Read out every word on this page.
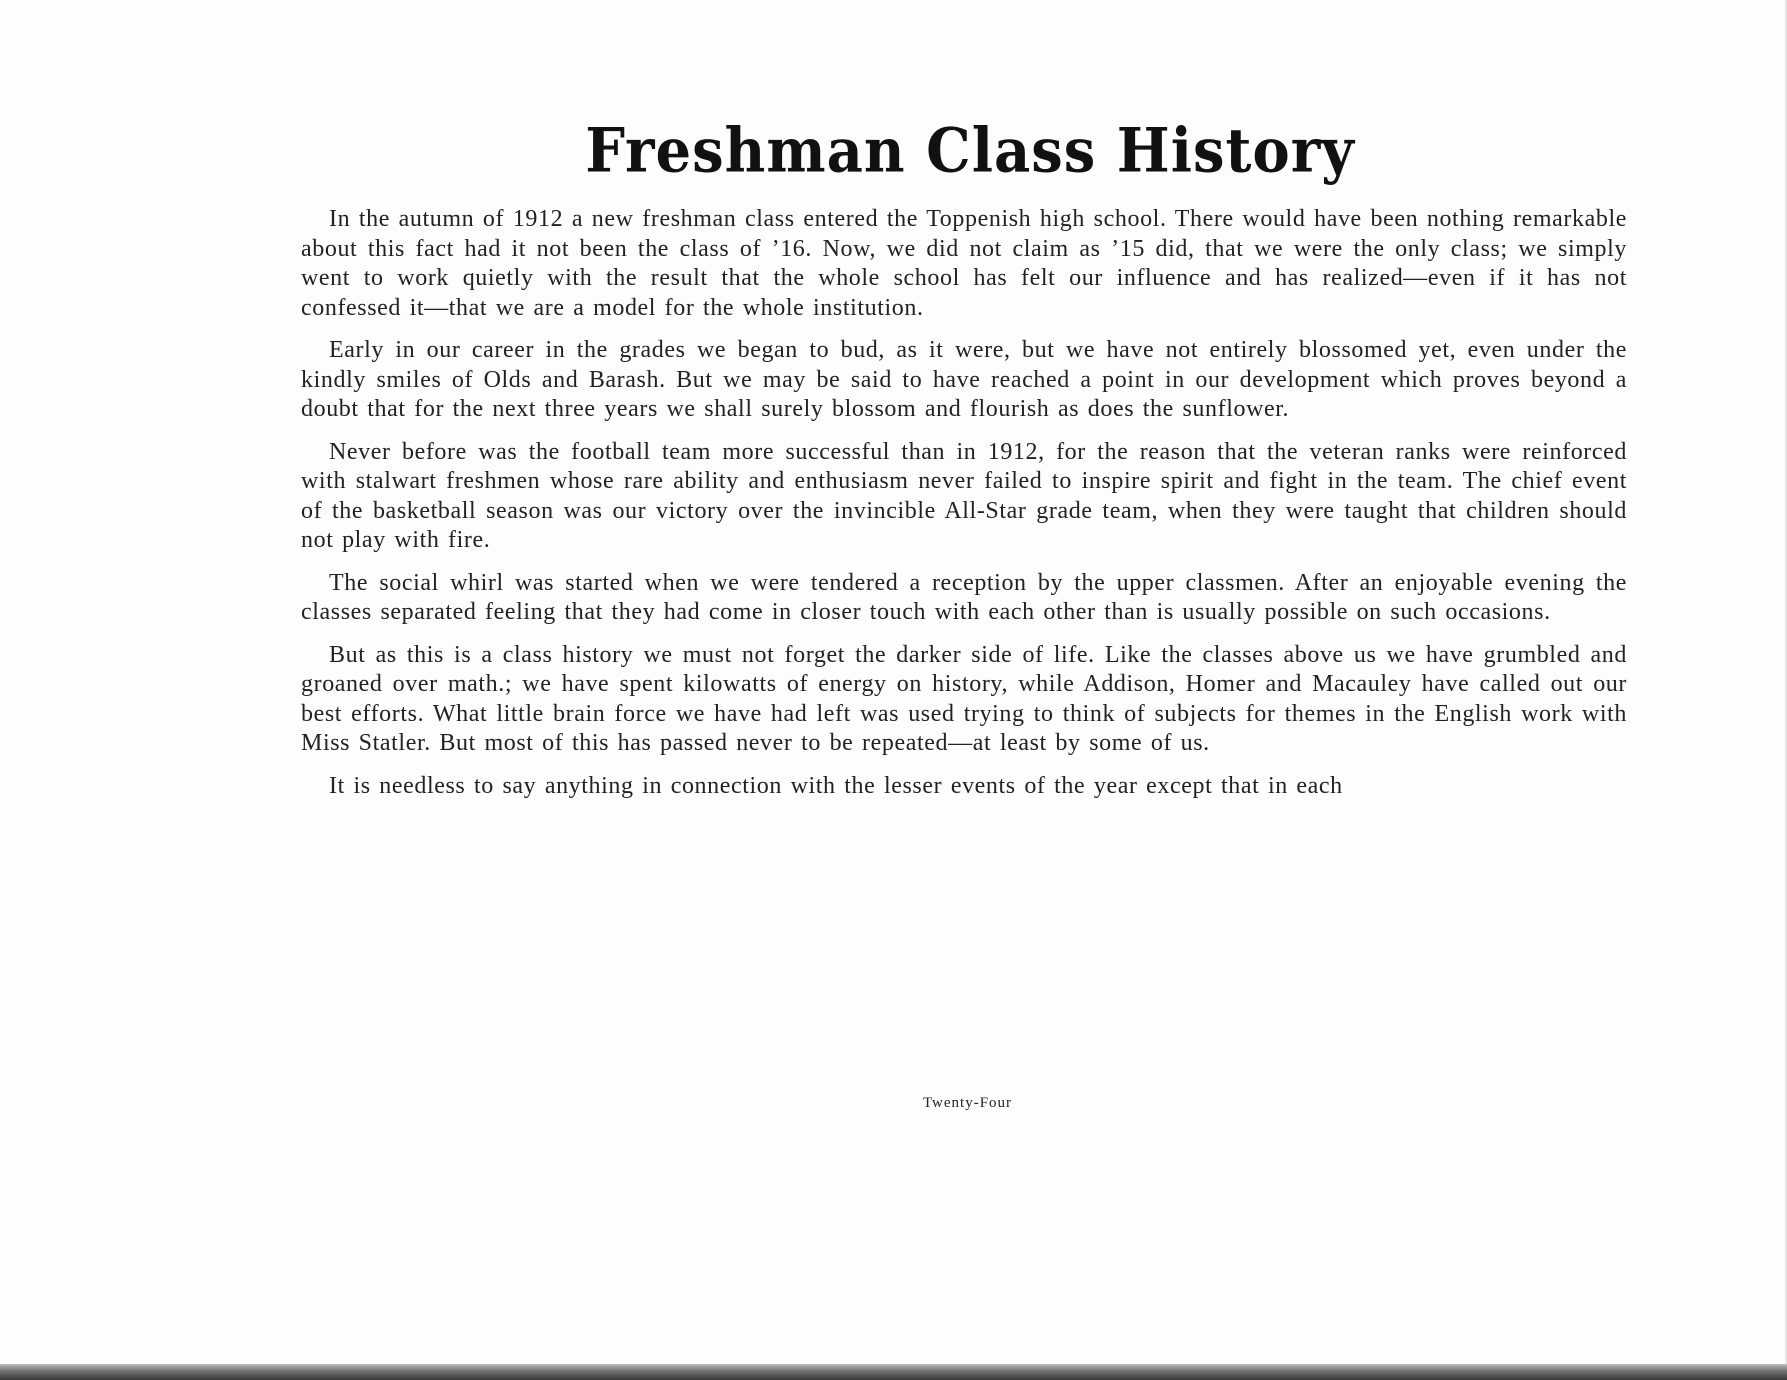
Freshman Class History

In the autumn of 1912 a new freshman class entered the Toppenish high school. There would have been nothing remarkable about this fact had it not been the class of ’16. Now, we did not claim as ’15 did, that we were the only class; we simply went to work quietly with the result that the whole school has felt our influence and has realized—even if it has not confessed it—that we are a model for the whole institution.

Early in our career in the grades we began to bud, as it were, but we have not entirely blossomed yet, even under the kindly smiles of Olds and Barash. But we may be said to have reached a point in our development which proves beyond a doubt that for the next three years we shall surely blossom and flourish as does the sunflower.

Never before was the football team more successful than in 1912, for the reason that the veteran ranks were reinforced with stalwart freshmen whose rare ability and enthusiasm never failed to inspire spirit and fight in the team. The chief event of the basketball season was our victory over the invincible All-Star grade team, when they were taught that children should not play with fire.

The social whirl was started when we were tendered a reception by the upper classmen. After an enjoyable evening the classes separated feeling that they had come in closer touch with each other than is usually possible on such occasions.

But as this is a class history we must not forget the darker side of life. Like the classes above us we have grumbled and groaned over math.; we have spent kilowatts of energy on history, while Addison, Homer and Macauley have called out our best efforts. What little brain force we have had left was used trying to think of subjects for themes in the English work with Miss Statler. But most of this has passed never to be repeated—at least by some of us.

It is needless to say anything in connection with the lesser events of the year except that in each

Twenty-Four
